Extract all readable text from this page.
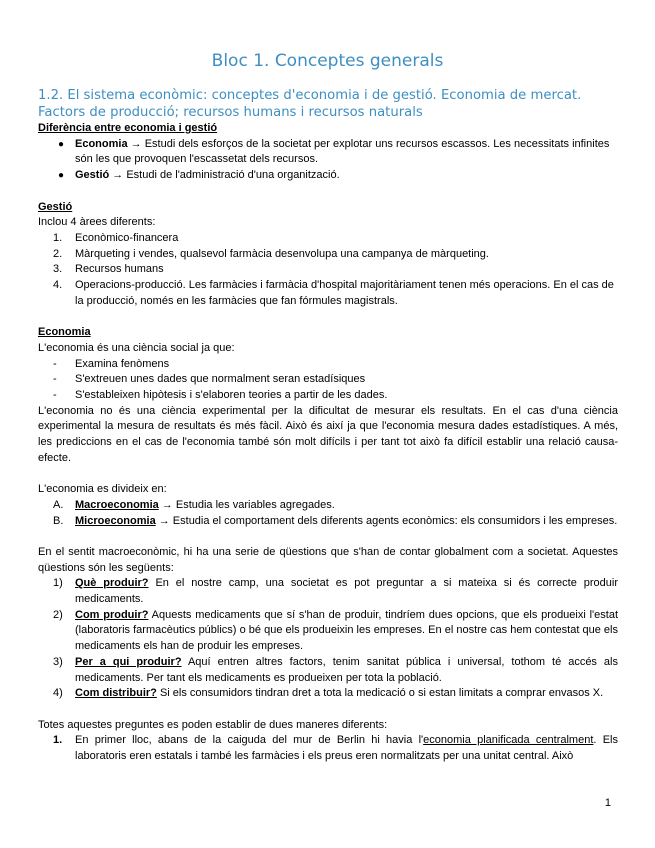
Bloc 1. Conceptes generals
1.2. El sistema econòmic: conceptes d'economia i de gestió. Economia de mercat. Factors de producció; recursos humans i recursos naturals

Diferència entre economia i gestió

● Economia → Estudi dels esforços de la societat per explotar uns recursos escassos. Les necessitats infinites són les que provoquen l'escassetat dels recursos.
● Gestió → Estudi de l'administració d'una organització.

Gestió

Inclou 4 àrees diferents:

1. Econòmico-financera
2. Màrqueting i vendes, qualsevol farmàcia desenvolupa una campanya de màrqueting.
3. Recursos humans
4. Operacions-producció. Les farmàcies i farmàcia d'hospital majoritàriament tenen més operacions. En el cas de la producció, només en les farmàcies que fan fórmules magistrals.

Economia

L'economia és una ciència social ja que:

- Examina fenòmens
- S'extreuen unes dades que normalment seran estadísiques
- S'estableixen hipòtesis i s'elaboren teories a partir de les dades.

L'economia no és una ciència experimental per la dificultat de mesurar els resultats. En el cas d'una ciència experimental la mesura de resultats és més fàcil. Això és així ja que l'economia mesura dades estadístiques. A més, les prediccions en el cas de l'economia també són molt difícils i per tant tot això fa difícil establir una relació causa-efecte.

L'economia es divideix en:

A. Macroeconomia → Estudia les variables agregades.
B. Microeconomia → Estudia el comportament dels diferents agents econòmics: els consumidors i les empreses.

En el sentit macroeconòmic, hi ha una serie de qüestions que s'han de contar globalment com a societat. Aquestes qüestions són les següents:

1) Què produir? En el nostre camp, una societat es pot preguntar a si mateixa si és correcte produir medicaments.
2) Com produir? Aquests medicaments que sí s'han de produir, tindríem dues opcions, que els produeixi l'estat (laboratoris farmacèutics públics) o bé que els produeixin les empreses. En el nostre cas hem contestat que els medicaments els han de produir les empreses.
3) Per a qui produir? Aquí entren altres factors, tenim sanitat pública i universal, tothom té accés als medicaments. Per tant els medicaments es produeixen per tota la població.
4) Com distribuir? Si els consumidors tindran dret a tota la medicació o si estan limitats a comprar envasos X.

Totes aquestes preguntes es poden establir de dues maneres diferents:

1. En primer lloc, abans de la caiguda del mur de Berlin hi havia l'economia planificada centralment. Els laboratoris eren estatals i també les farmàcies i els preus eren normalitzats per una unitat central. Això
1
